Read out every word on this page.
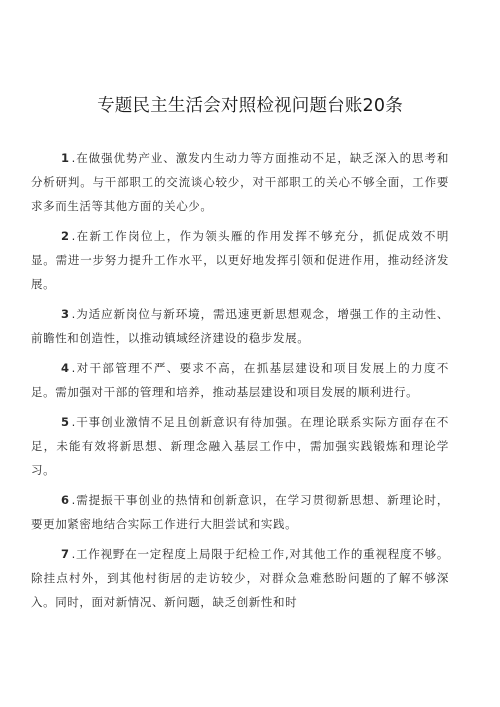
专题民主生活会对照检视问题台账20条

1 .在做强优势产业、激发内生动力等方面推动不足，缺乏深入的思考和分析研判。与干部职工的交流谈心较少，对干部职工的关心不够全面，工作要求多而生活等其他方面的关心少。

2 .在新工作岗位上，作为领头雁的作用发挥不够充分，抓促成效不明显。需进一步努力提升工作水平，以更好地发挥引领和促进作用，推动经济发展。

3 .为适应新岗位与新环境，需迅速更新思想观念，增强工作的主动性、前瞻性和创造性，以推动镇域经济建设的稳步发展。

4 .对干部管理不严、要求不高，在抓基层建设和项目发展上的力度不足。需加强对干部的管理和培养，推动基层建设和项目发展的顺利进行。

5 .干事创业激情不足且创新意识有待加强。在理论联系实际方面存在不足，未能有效将新思想、新理念融入基层工作中，需加强实践锻炼和理论学习。

6 .需提振干事创业的热情和创新意识，在学习贯彻新思想、新理论时，要更加紧密地结合实际工作进行大胆尝试和实践。

7 .工作视野在一定程度上局限于纪检工作,对其他工作的重视程度不够。除挂点村外，到其他村街居的走访较少，对群众急难愁盼问题的了解不够深入。同时，面对新情况、新问题，缺乏创新性和时
